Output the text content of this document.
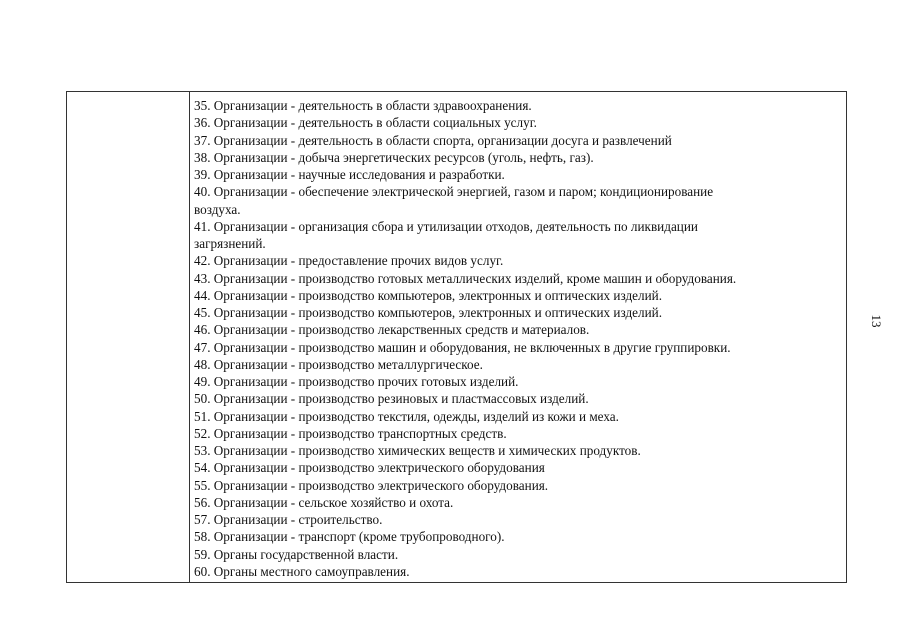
35. Организации - деятельность в области здравоохранения.

36. Организации - деятельность в области социальных услуг.

37. Организации - деятельность в области спорта, организации досуга и развлечений

38. Организации - добыча энергетических ресурсов (уголь, нефть, газ).

39. Организации - научные исследования и разработки.

40. Организации - обеспечение электрической энергией, газом и паром; кондиционирование

воздуха.

41. Организации - организация сбора и утилизации отходов, деятельность по ликвидации

загрязнений.

42. Организации - предоставление прочих видов услуг.

43. Организации - производство готовых металлических изделий, кроме машин и оборудования.

44. Организации - производство компьютеров, электронных и оптических изделий.

45. Организации - производство компьютеров, электронных и оптических изделий.

46. Организации - производство лекарственных средств и материалов.

47. Организации - производство машин и оборудования, не включенных в другие группировки.

48. Организации - производство металлургическое.

49. Организации - производство прочих готовых изделий.

50. Организации - производство резиновых и пластмассовых изделий.

51. Организации - производство текстиля, одежды, изделий из кожи и меха.

52. Организации - производство транспортных средств.

53. Организации - производство химических веществ и химических продуктов.

54. Организации - производство электрического оборудования

55. Организации - производство электрического оборудования.

56. Организации - сельское хозяйство и охота.

57. Организации - строительство.

58. Организации - транспорт (кроме трубопроводного).

59. Органы государственной власти.

60. Органы местного самоуправления.

13
